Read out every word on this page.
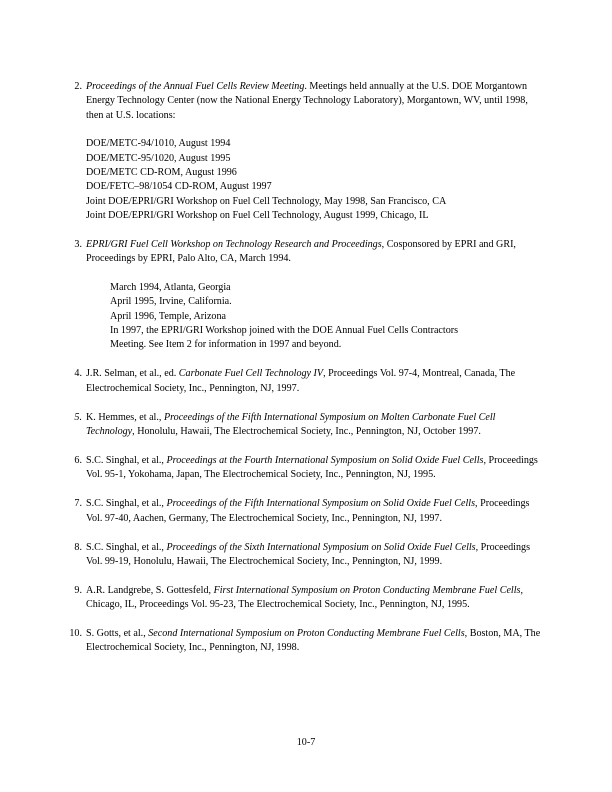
2. Proceedings of the Annual Fuel Cells Review Meeting. Meetings held annually at the U.S. DOE Morgantown Energy Technology Center (now the National Energy Technology Laboratory), Morgantown, WV, until 1998, then at U.S. locations:
DOE/METC-94/1010, August 1994
DOE/METC-95/1020, August 1995
DOE/METC CD-ROM, August 1996
DOE/FETC–98/1054 CD-ROM, August 1997
Joint DOE/EPRI/GRI Workshop on Fuel Cell Technology, May 1998, San Francisco, CA
Joint DOE/EPRI/GRI Workshop on Fuel Cell Technology, August 1999, Chicago, IL
3. EPRI/GRI Fuel Cell Workshop on Technology Research and Proceedings, Cosponsored by EPRI and GRI, Proceedings by EPRI, Palo Alto, CA, March 1994.
March 1994, Atlanta, Georgia
April 1995, Irvine, California.
April 1996, Temple, Arizona
In 1997, the EPRI/GRI Workshop joined with the DOE Annual Fuel Cells Contractors
Meeting. See Item 2 for information in 1997 and beyond.
4. J.R. Selman, et al., ed. Carbonate Fuel Cell Technology IV, Proceedings Vol. 97-4, Montreal, Canada, The Electrochemical Society, Inc., Pennington, NJ, 1997.
5. K. Hemmes, et al., Proceedings of the Fifth International Symposium on Molten Carbonate Fuel Cell Technology, Honolulu, Hawaii, The Electrochemical Society, Inc., Pennington, NJ, October 1997.
6. S.C. Singhal, et al., Proceedings at the Fourth International Symposium on Solid Oxide Fuel Cells, Proceedings Vol. 95-1, Yokohama, Japan, The Electrochemical Society, Inc., Pennington, NJ, 1995.
7. S.C. Singhal, et al., Proceedings of the Fifth International Symposium on Solid Oxide Fuel Cells, Proceedings Vol. 97-40, Aachen, Germany, The Electrochemical Society, Inc., Pennington, NJ, 1997.
8. S.C. Singhal, et al., Proceedings of the Sixth International Symposium on Solid Oxide Fuel Cells, Proceedings Vol. 99-19, Honolulu, Hawaii, The Electrochemical Society, Inc., Pennington, NJ, 1999.
9. A.R. Landgrebe, S. Gottesfeld, First International Symposium on Proton Conducting Membrane Fuel Cells, Chicago, IL, Proceedings Vol. 95-23, The Electrochemical Society, Inc., Pennington, NJ, 1995.
10. S. Gotts, et al., Second International Symposium on Proton Conducting Membrane Fuel Cells, Boston, MA, The Electrochemical Society, Inc., Pennington, NJ, 1998.
10-7
